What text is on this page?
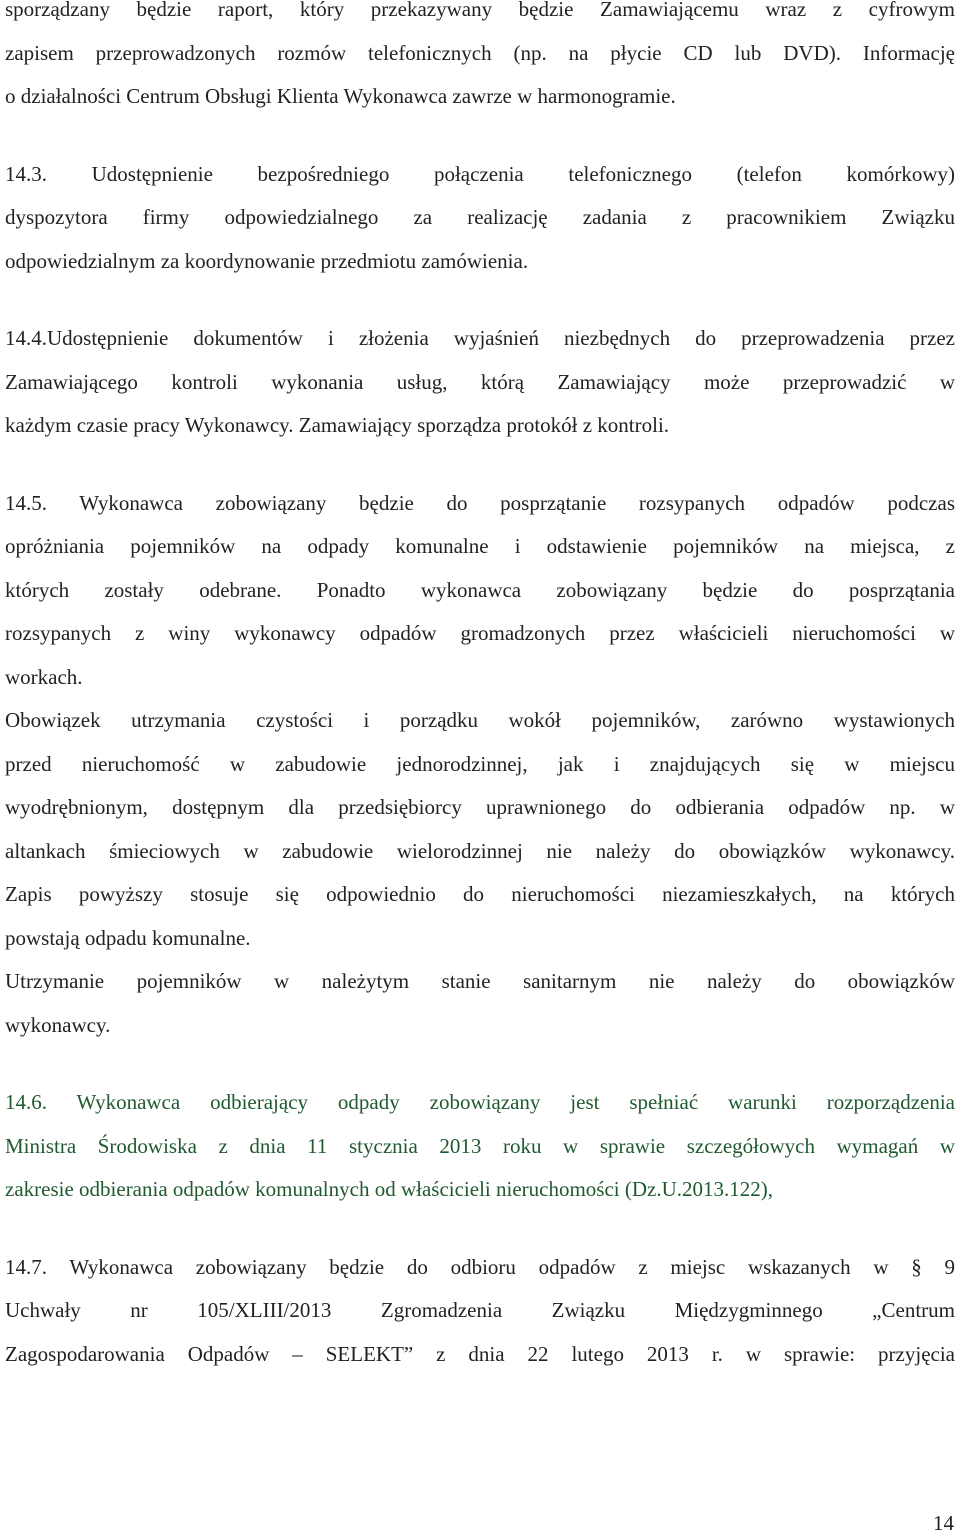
sporządzany będzie raport, który przekazywany będzie Zamawiającemu wraz z cyfrowym
zapisem przeprowadzonych rozmów telefonicznych (np. na płycie CD lub DVD). Informację
o działalności Centrum Obsługi Klienta Wykonawca zawrze w harmonogramie.

14.3. Udostępnienie bezpośredniego połączenia telefonicznego (telefon komórkowy)
dyspozytora firmy odpowiedzialnego za realizację zadania z pracownikiem Związku
odpowiedzialnym za koordynowanie przedmiotu zamówienia.

14.4.Udostępnienie dokumentów i złożenia wyjaśnień niezbędnych do przeprowadzenia przez
Zamawiającego kontroli wykonania usług, którą Zamawiający może przeprowadzić w
każdym czasie pracy Wykonawcy. Zamawiający sporządza protokół z kontroli.

14.5. Wykonawca zobowiązany będzie do posprzątanie rozsypanych odpadów podczas
opróżniania pojemników na odpady komunalne i odstawienie pojemników na miejsca, z
których zostały odebrane. Ponadto wykonawca zobowiązany będzie do posprzątania
rozsypanych z winy wykonawcy odpadów gromadzonych przez właścicieli nieruchomości w
workach.

Obowiązek utrzymania czystości i porządku wokół pojemników, zarówno wystawionych
przed nieruchomość w zabudowie jednorodzinnej, jak i znajdujących się w miejscu
wyodrębnionym, dostępnym dla przedsiębiorcy uprawnionego do odbierania odpadów np. w
altankach śmieciowych w zabudowie wielorodzinnej nie należy do obowiązków wykonawcy.
Zapis powyższy stosuje się odpowiednio do nieruchomości niezamieszkałych, na których
powstają odpadu komunalne.

Utrzymanie pojemników w należytym stanie sanitarnym nie należy do obowiązków
wykonawcy.

14.6. Wykonawca odbierający odpady zobowiązany jest spełniać warunki rozporządzenia
Ministra Środowiska z dnia 11 stycznia 2013 roku w sprawie szczegółowych wymagań w
zakresie odbierania odpadów komunalnych od właścicieli nieruchomości (Dz.U.2013.122),

14.7. Wykonawca zobowiązany będzie do odbioru odpadów z miejsc wskazanych w § 9
Uchwały nr 105/XLIII/2013 Zgromadzenia Związku Międzygminnego „Centrum
Zagospodarowania Odpadów – SELEKT” z dnia 22 lutego 2013 r. w sprawie: przyjęcia

14
